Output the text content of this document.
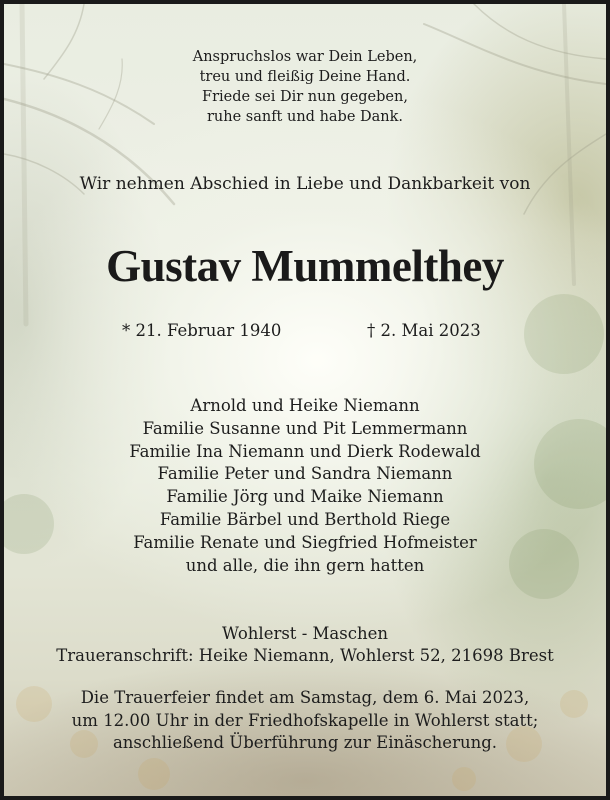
Anspruchslos war Dein Leben,
treu und fleißig Deine Hand.
Friede sei Dir nun gegeben,
ruhe sanft und habe Dank.
Wir nehmen Abschied in Liebe und Dankbarkeit von
Gustav Mummelthey
* 21. Februar 1940	† 2. Mai 2023
Arnold und Heike Niemann
Familie Susanne und Pit Lemmermann
Familie Ina Niemann und Dierk Rodewald
Familie Peter und Sandra Niemann
Familie Jörg und Maike Niemann
Familie Bärbel und Berthold Riege
Familie Renate und Siegfried Hofmeister
und alle, die ihn gern hatten
Wohlerst - Maschen
Traueranschrift: Heike Niemann, Wohlerst 52, 21698 Brest
Die Trauerfeier findet am Samstag, dem 6. Mai 2023,
um 12.00 Uhr in der Friedhofskapelle in Wohlerst statt;
anschließend Überführung zur Einäscherung.
